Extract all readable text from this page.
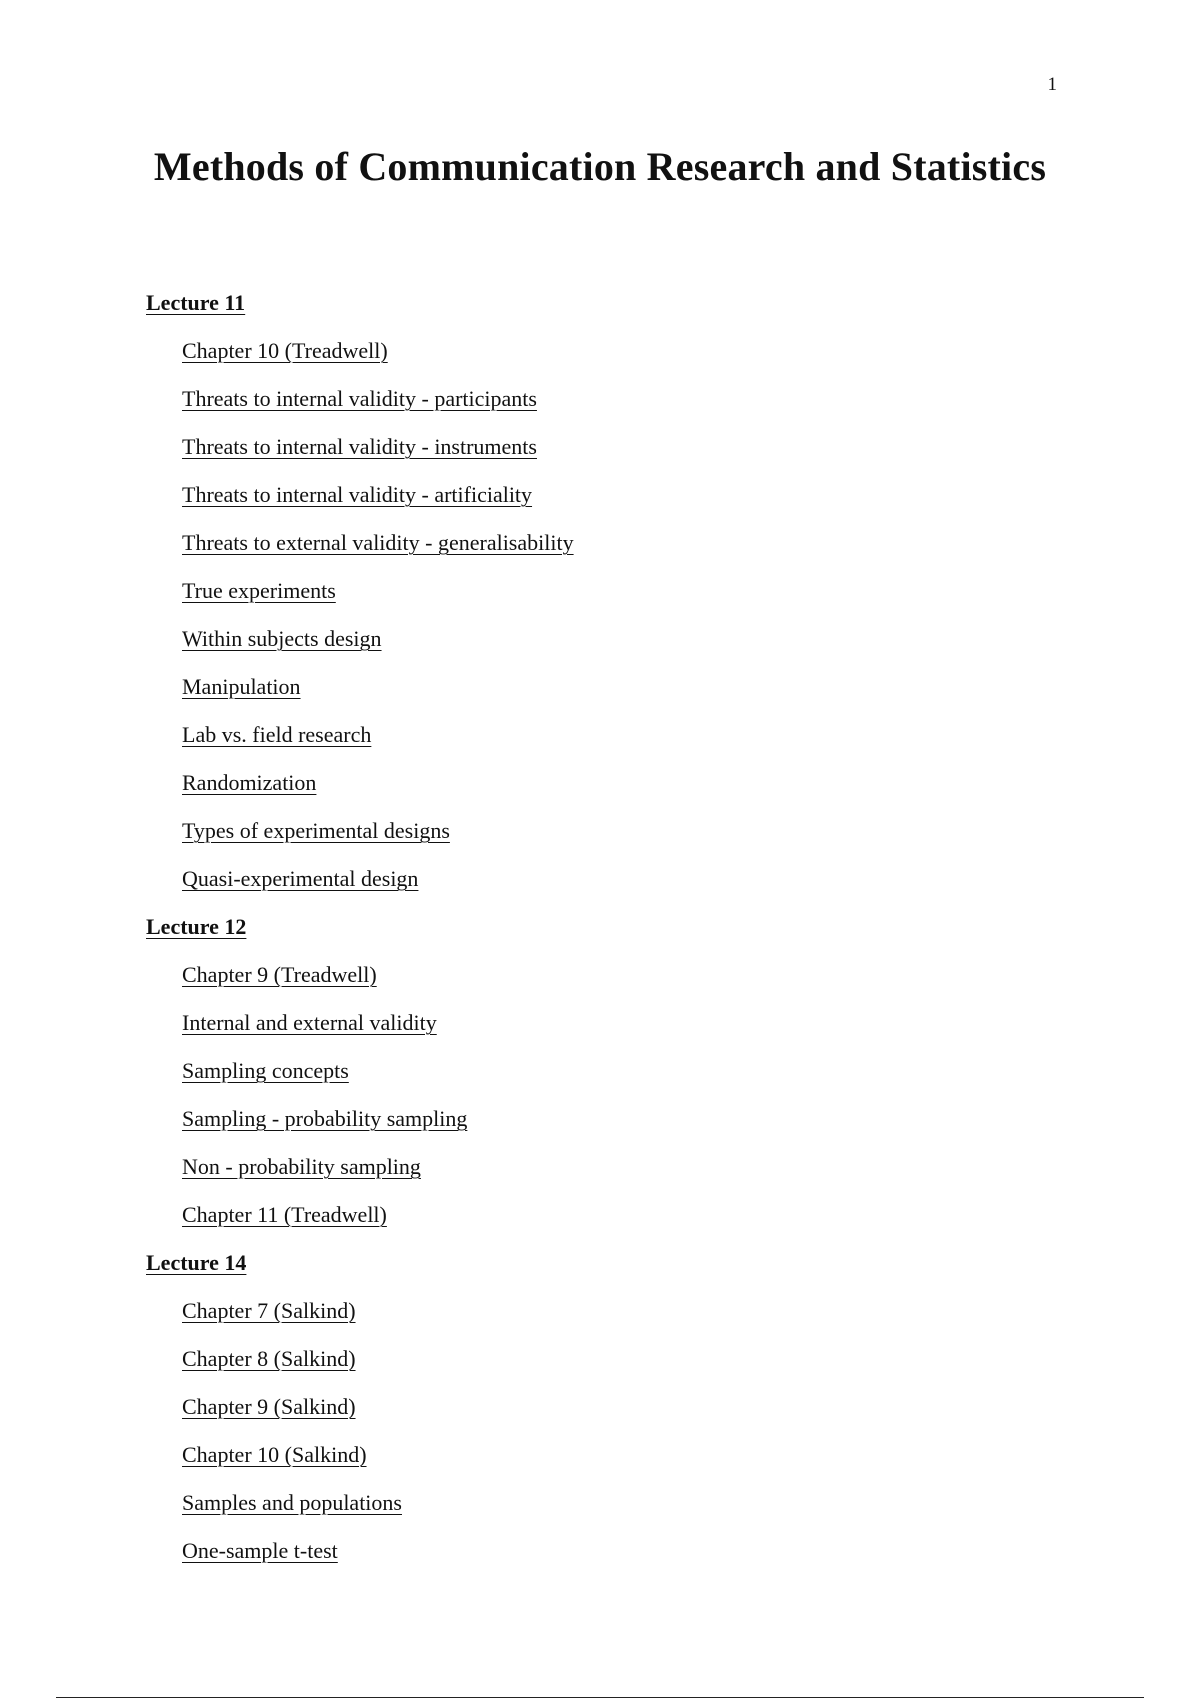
1
Methods of Communication Research and Statistics
Lecture 11
Chapter 10 (Treadwell)
Threats to internal validity - participants
Threats to internal validity - instruments
Threats to internal validity - artificiality
Threats to external validity - generalisability
True experiments
Within subjects design
Manipulation
Lab vs. field research
Randomization
Types of experimental designs
Quasi-experimental design
Lecture 12
Chapter 9 (Treadwell)
Internal and external validity
Sampling concepts
Sampling - probability sampling
Non - probability sampling
Chapter 11 (Treadwell)
Lecture 14
Chapter 7 (Salkind)
Chapter 8 (Salkind)
Chapter 9 (Salkind)
Chapter 10 (Salkind)
Samples and populations
One-sample t-test
